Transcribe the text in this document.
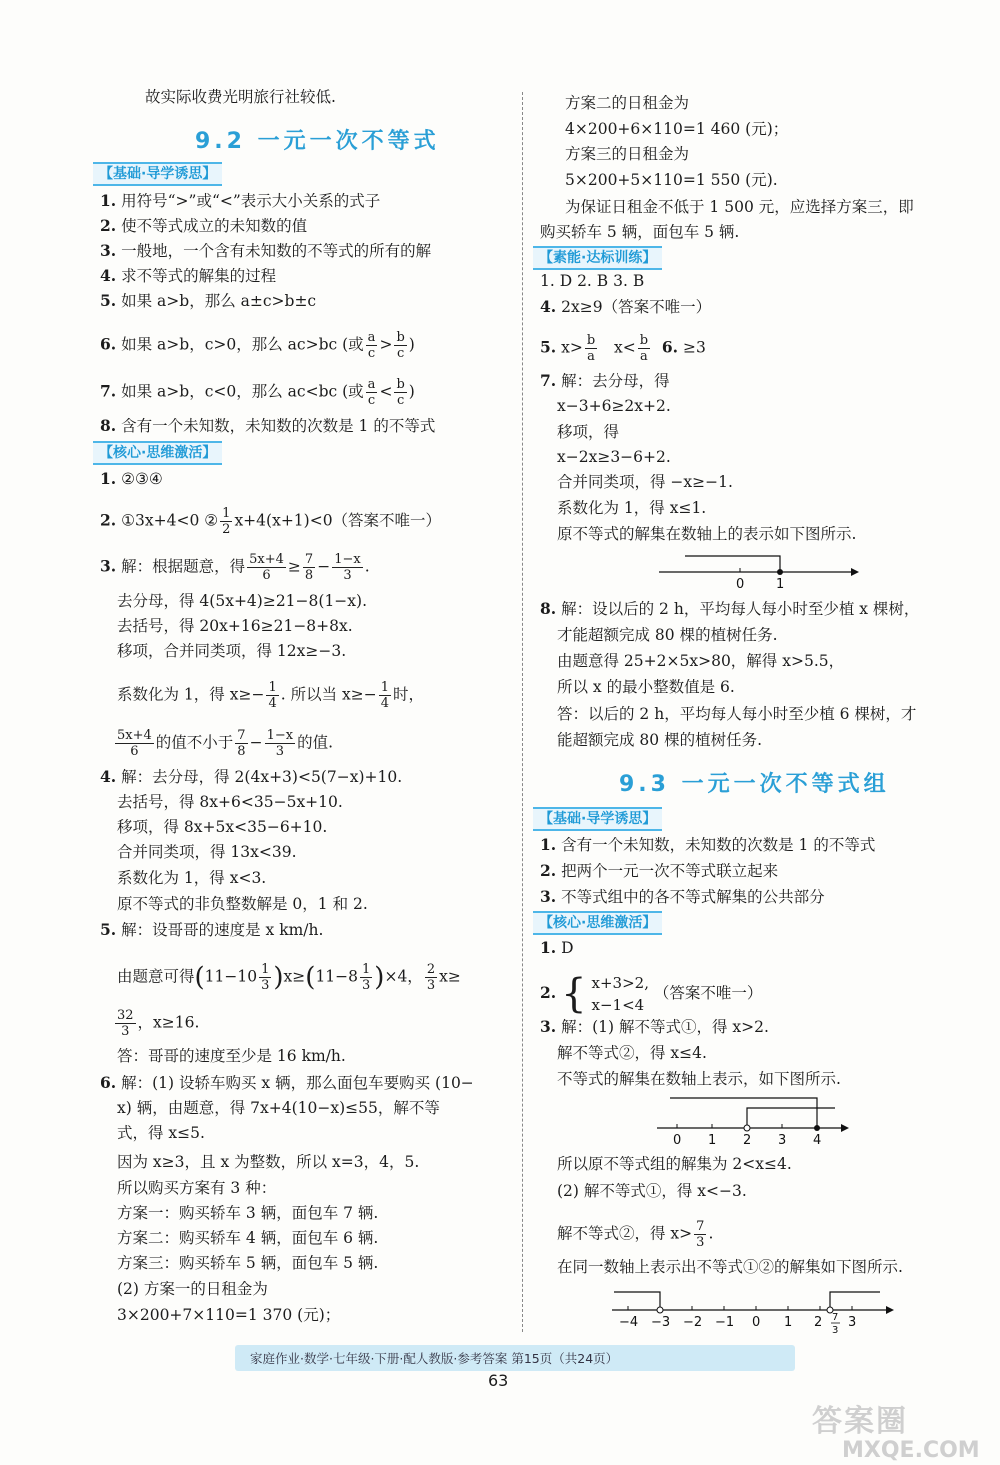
故实际收费光明旅行社较低.
9.2 一元一次不等式
【基础·导学诱思】
1. 用符号“>”或“<”表示大小关系的式子
2. 使不等式成立的未知数的值
3. 一般地，一个含有未知数的不等式的所有的解
4. 求不等式的解集的过程
5. 如果 a>b，那么 a±c>b±c
6. 如果 a>b，c>0，那么 ac>bc (或 $\frac{a}{c} > \frac{b}{c}$ )
7. 如果 a>b，c<0，那么 ac<bc (或 $\frac{a}{c} < \frac{b}{c}$ )
8. 含有一个未知数，未知数的次数是 1 的不等式
【核心·思维激活】
1. ②③④
2. ①3x+4<0 ② $\frac{1}{2} x+4(x+1)<0$（答案不唯一）
3. 解：根据题意，得 $\frac{5x+4}{6} \ge \frac{7}{8} - \frac{1-x}{3}$ .
去分母，得 4(5x+4)≥21−8(1−x).
去括号，得 20x+16≥21−8+8x.
移项，合并同类项，得 12x≥−3.
系数化为 1，得 $x\ge- \frac{1}{4}$ . 所以当 $x\ge- \frac{1}{4}$ 时，
$\frac{5x+4}{6}$ 的值不小于 $\frac{7}{8} - \frac{1-x}{3}$ 的值.
4. 解：去分母，得 2(4x+3)<5(7−x)+10.
去括号，得 8x+6<35−5x+10.
移项，得 8x+5x<35−6+10.
合并同类项，得 13x<39.
系数化为 1，得 x<3.
原不等式的非负整数解是 0，1 和 2.
5. 解：设哥哥的速度是 x km/h.
由题意可得$(11-10 \frac{1}{3} )x\ge(11-8 \frac{1}{3} )\times 4$， $\frac{2}{3} x\ge$
$\frac{32}{3}$ ，x≥16.
答：哥哥的速度至少是 16 km/h.
6. 解：(1) 设轿车购买 x 辆，那么面包车要购买 (10−
x) 辆，由题意，得 7x+4(10−x)≤55，解不等
式，得 x≤5.
因为 x≥3，且 x 为整数，所以 x=3，4，5.
所以购买方案有 3 种：
方案一：购买轿车 3 辆，面包车 7 辆.
方案二：购买轿车 4 辆，面包车 6 辆.
方案三：购买轿车 5 辆，面包车 5 辆.
(2) 方案一的日租金为
3×200+7×110=1 370 (元)；
方案二的日租金为
4×200+6×110=1 460 (元)；
方案三的日租金为
5×200+5×110=1 550 (元).
为保证日租金不低于 1 500 元，应选择方案三，即
购买轿车 5 辆，面包车 5 辆.
【素能·达标训练】
1. D 2. B 3. B
4. 2x≥9（答案不唯一）
5. $x> \frac{b}{a} x< \frac{b}{a} 6$. ≥3
7. 解：去分母，得
x−3+6≥2x+2.
移项，得
x−2x≥3−6+2.
合并同类项，得 −x≥−1.
系数化为 1，得 x≤1.
原不等式的解集在数轴上的表示如下图所示.
0 1
8. 解：设以后的 2 h，平均每人每小时至少植 x 棵树，
才能超额完成 80 棵的植树任务.
由题意得 25+2×5x>80，解得 x>5.5，
所以 x 的最小整数值是 6.
答：以后的 2 h，平均每人每小时至少植 6 棵树，才
能超额完成 80 棵的植树任务.
9.3 一元一次不等式组
【基础·导学诱思】
1. 含有一个未知数，未知数的次数是 1 的不等式
2. 把两个一元一次不等式联立起来
3. 不等式组中的各不等式解集的公共部分
【核心·思维激活】
1. D
2. { x+3>2,
x−1<4
（答案不唯一）
3. 解：(1) 解不等式①，得 x>2.
解不等式②，得 x≤4.
不等式的解集在数轴上表示，如下图所示.
0 1 2 3 4
所以原不等式组的解集为 2<x≤4.
(2) 解不等式①，得 x<−3.
解不等式②，得 $x> \frac{7}{3}$ .
在同一数轴上表示出不等式①②的解集如下图所示.
−4 −3 −2 −1 0 1 2 7
3
3
家庭作业·数学·七年级·下册·配人教版·参考答案 第15页（共24页）
63
答案圈
MXQE.COM
